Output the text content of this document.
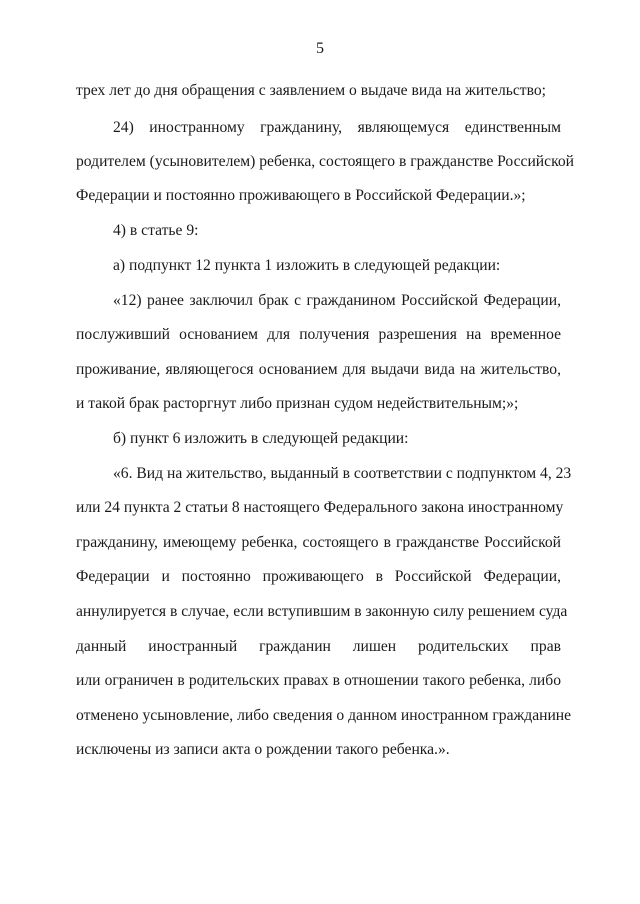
5
трех лет до дня обращения с заявлением о выдаче вида на жительство;
24) иностранному гражданину, являющемуся единственным
родителем (усыновителем) ребенка, состоящего в гражданстве Российской
Федерации и постоянно проживающего в Российской Федерации.»;
4) в статье 9:
а) подпункт 12 пункта 1 изложить в следующей редакции:
«12) ранее заключил брак с гражданином Российской Федерации,
послуживший основанием для получения разрешения на временное
проживание, являющегося основанием для выдачи вида на жительство,
и такой брак расторгнут либо признан судом недействительным;»;
б) пункт 6 изложить в следующей редакции:
«6. Вид на жительство, выданный в соответствии с подпунктом 4, 23
или 24 пункта 2 статьи 8 настоящего Федерального закона иностранному
гражданину, имеющему ребенка, состоящего в гражданстве Российской
Федерации и постоянно проживающего в Российской Федерации,
аннулируется в случае, если вступившим в законную силу решением суда
данный иностранный гражданин лишен родительских прав
или ограничен в родительских правах в отношении такого ребенка, либо
отменено усыновление, либо сведения о данном иностранном гражданине
исключены из записи акта о рождении такого ребенка.».
